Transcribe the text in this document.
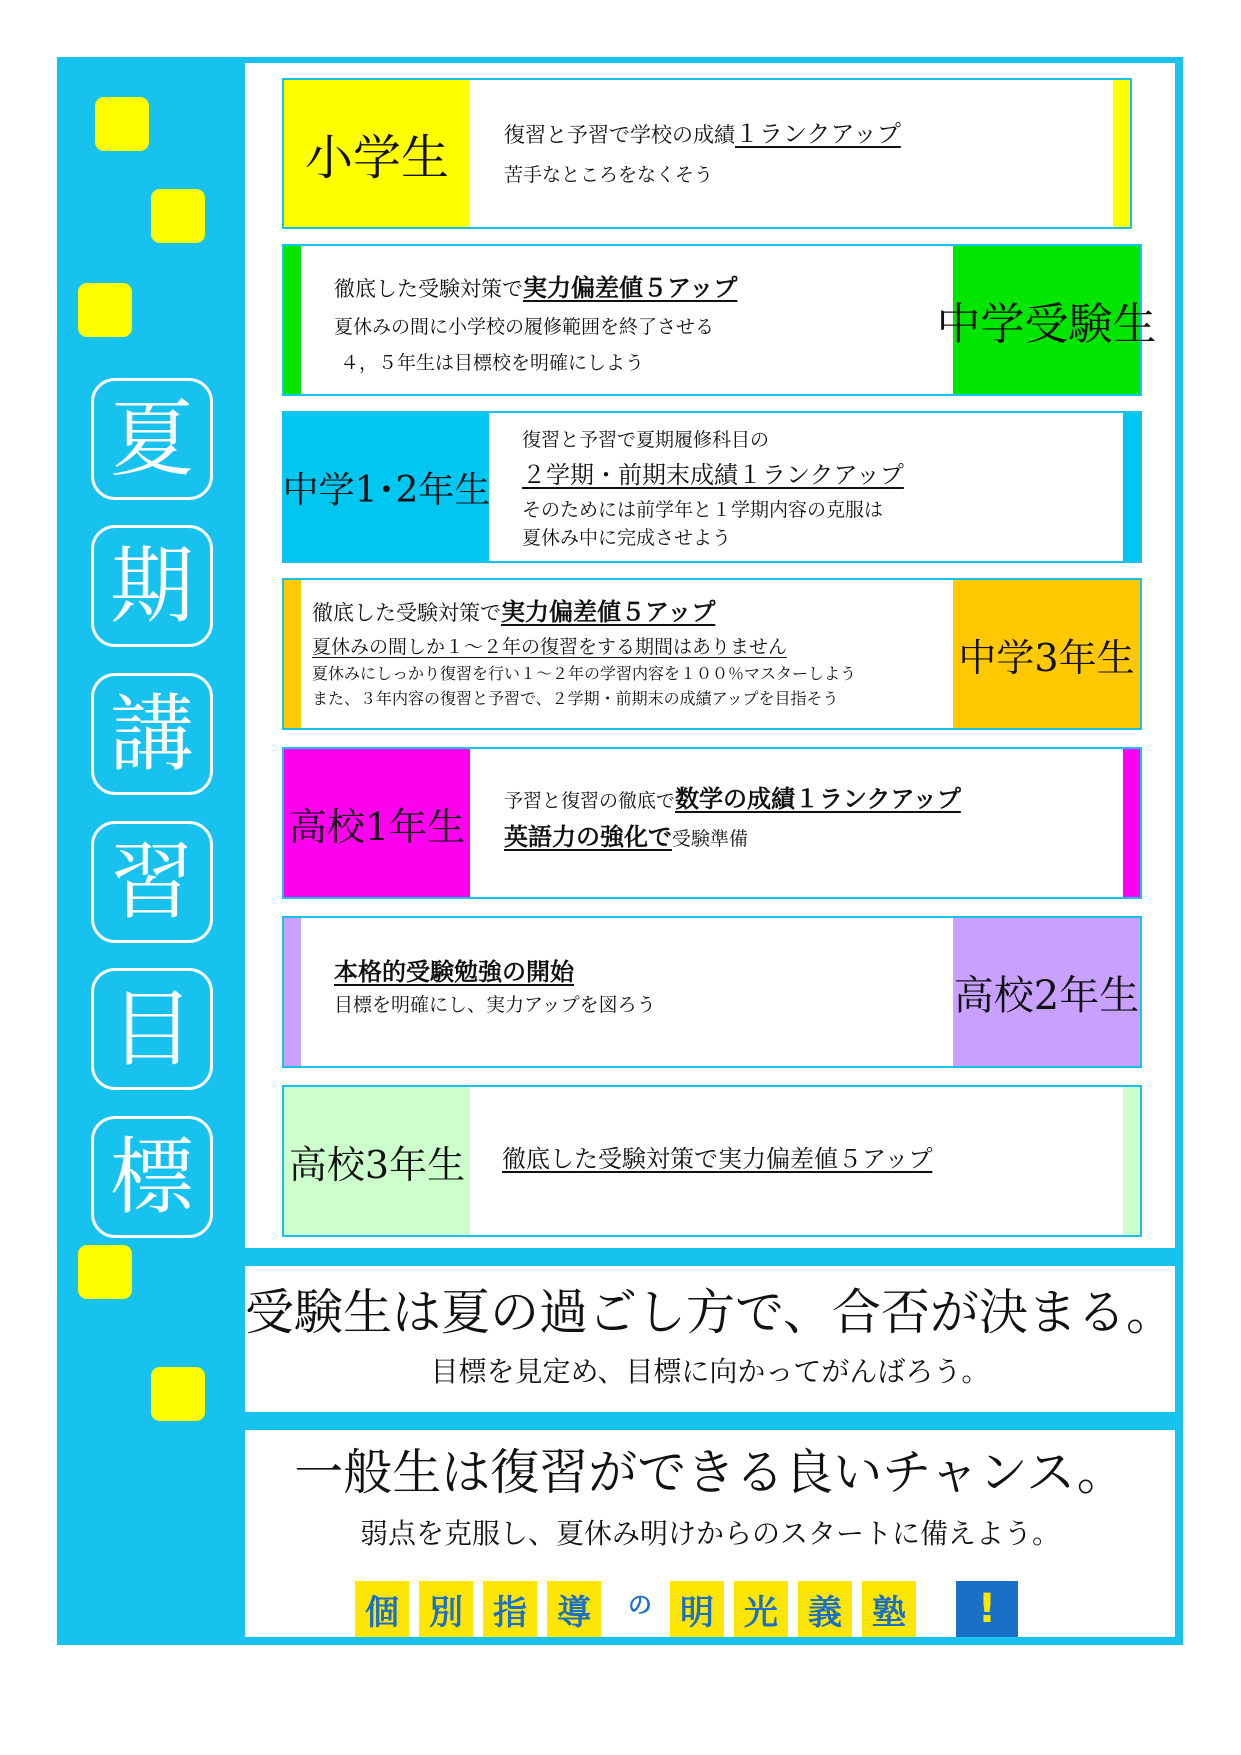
夏
期
講
習
目
標
小学生	復習と予習で学校の成績１ランクアップ
苦手なところをなくそう
中学受験生
徹底した受験対策で実力偏差値５アップ
夏休みの間に小学校の履修範囲を終了させる
４，５年生は目標校を明確にしよう
中学1･2年生
復習と予習で夏期履修科目の
２学期・前期末成績１ランクアップ
そのためには前学年と１学期内容の克服は
夏休み中に完成させよう
中学3年生
徹底した受験対策で実力偏差値５アップ
夏休みの間しか１～２年の復習をする期間はありません
夏休みにしっかり復習を行い１～２年の学習内容を１００％マスターしよう
また、３年内容の復習と予習で、２学期・前期末の成績アップを目指そう
高校1年生
予習と復習の徹底で数学の成績１ランクアップ
英語力の強化で受験準備
高校2年生
本格的受験勉強の開始
目標を明確にし、実力アップを図ろう
高校3年生 徹底した受験対策で実力偏差値５アップ
受験生は夏の過ごし方で、合否が決まる。
目標を見定め、目標に向かってがんばろう。
一般生は復習ができる良いチャンス。
弱点を克服し、夏休み明けからのスタートに備えよう。
個 別 指 導	の 明 光 義 塾	!
